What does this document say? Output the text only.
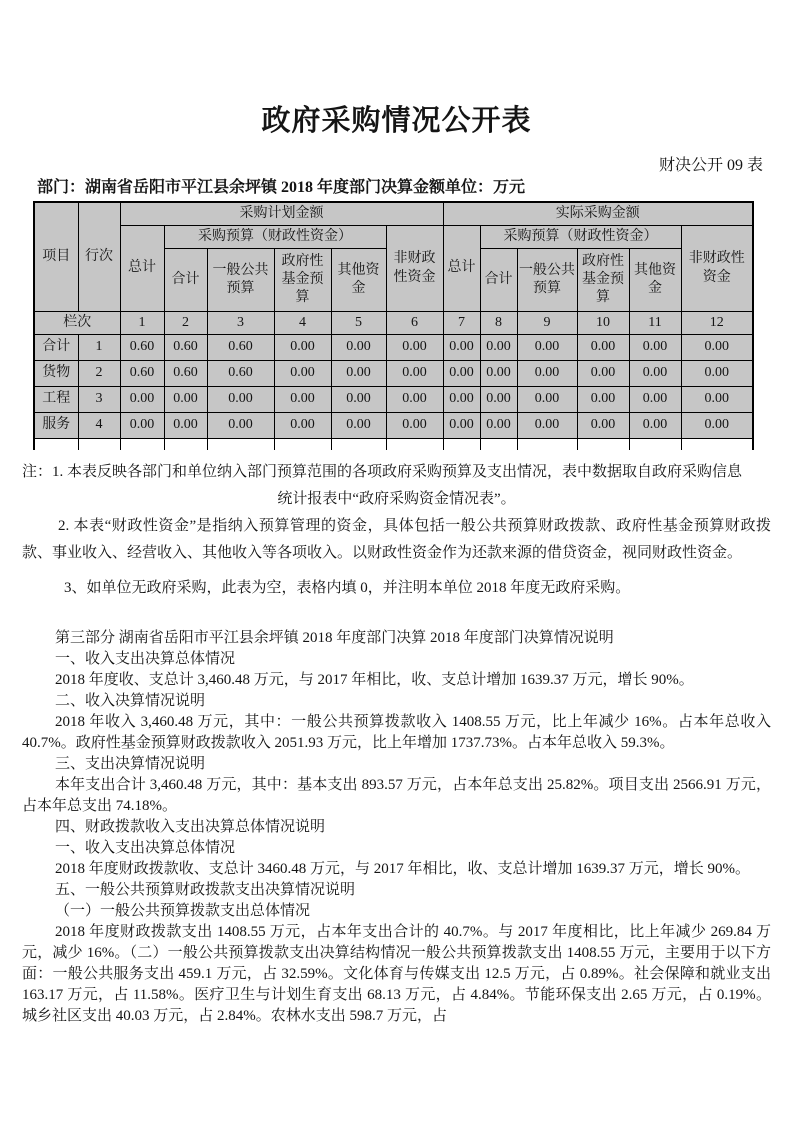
政府采购情况公开表
财决公开 09 表
部门：湖南省岳阳市平江县余坪镇 2018 年度部门决算金额单位：万元
项目	行次	采购计划金额						实际采购金额					
		总计	采购预算（财政性资金）				非财政性资金	总计	采购预算（财政性资金）				非财政性资金
			合计	一般公共预算	政府性基金预算	其他资金			合计	一般公共预算	政府性基金预算	其他资金	
栏次		1	2	3	4	5	6	7	8	9	10	11	12
合计	1	0.60	0.60	0.60	0.00	0.00	0.00	0.00	0.00	0.00	0.00	0.00	0.00
货物	2	0.60	0.60	0.60	0.00	0.00	0.00	0.00	0.00	0.00	0.00	0.00	0.00
工程	3	0.00	0.00	0.00	0.00	0.00	0.00	0.00	0.00	0.00	0.00	0.00	0.00
服务	4	0.00	0.00	0.00	0.00	0.00	0.00	0.00	0.00	0.00	0.00	0.00	0.00

注：1. 本表反映各部门和单位纳入部门预算范围的各项政府采购预算及支出情况，表中数据取自政府采购信息
统计报表中“政府采购资金情况表”。

2. 本表“财政性资金”是指纳入预算管理的资金，具体包括一般公共预算财政拨款、政府性基金预算财政拨款、事业收入、经营收入、其他收入等各项收入。以财政性资金作为还款来源的借贷资金，视同财政性资金。

3、如单位无政府采购，此表为空，表格内填 0，并注明本单位 2018 年度无政府采购。

第三部分 湖南省岳阳市平江县余坪镇 2018 年度部门决算 2018 年度部门决算情况说明

一、收入支出决算总体情况

2018 年度收、支总计 3,460.48 万元，与 2017 年相比，收、支总计增加 1639.37 万元，增长 90%。

二、收入决算情况说明

2018 年收入 3,460.48 万元，其中：一般公共预算拨款收入 1408.55 万元，比上年减少 16%。占本年总收入 40.7%。政府性基金预算财政拨款收入 2051.93 万元，比上年增加 1737.73%。占本年总收入 59.3%。

三、支出决算情况说明

本年支出合计 3,460.48 万元，其中：基本支出 893.57 万元，占本年总支出 25.82%。项目支出 2566.91 万元，占本年总支出 74.18%。

四、财政拨款收入支出决算总体情况说明

一、收入支出决算总体情况

2018 年度财政拨款收、支总计 3460.48 万元，与 2017 年相比，收、支总计增加 1639.37 万元，增长 90%。

五、一般公共预算财政拨款支出决算情况说明

（一）一般公共预算拨款支出总体情况

2018 年度财政拨款支出 1408.55 万元，占本年支出合计的 40.7%。与 2017 年度相比，比上年减少 269.84 万元，减少 16%。（二）一般公共预算拨款支出决算结构情况一般公共预算拨款支出 1408.55 万元，主要用于以下方面：一般公共服务支出 459.1 万元，占 32.59%。文化体育与传媒支出 12.5 万元，占 0.89%。社会保障和就业支出 163.17 万元，占 11.58%。医疗卫生与计划生育支出 68.13 万元，占 4.84%。节能环保支出 2.65 万元，占 0.19%。城乡社区支出 40.03 万元，占 2.84%。农林水支出 598.7 万元，占
